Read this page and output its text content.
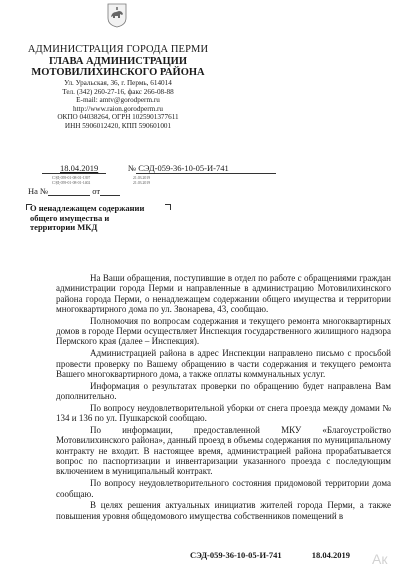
АДМИНИСТРАЦИЯ ГОРОДА ПЕРМИ
ГЛАВА АДМИНИСТРАЦИИ
МОТОВИЛИХИНСКОГО РАЙОНА
Ул. Уральская, 36, г. Пермь, 614014
Тел. (342) 260-27-16, факс 266-08-88
E-mail: amtv@gorodperm.ru
http://www.raion.gorodperm.ru
ОКПО 04038264, ОГРН 1025901377611
ИНН 5906012420, КПП 590601001
18.04.2019	№ СЭД-059-36-10-05-И-741
СЭД-059-01-08-01-1397
СЭД-059-01-08-01-1402
21.03.2019
21.03.2019
На №	от
О ненадлежащем содержании
общего имущества и
территории МКД

На Ваши обращения, поступившие в отдел по работе с обращениями граждан администрации города Перми и направленные в администрацию Мотовилихинского района города Перми, о ненадлежащем содержании общего имущества и территории многоквартирного дома по ул. Звонарева, 43, сообщаю.

Полномочия по вопросам содержания и текущего ремонта многоквартирных домов в городе Перми осуществляет Инспекция государственного жилищного надзора Пермского края (далее – Инспекция).

Администрацией района в адрес Инспекции направлено письмо с просьбой провести проверку по Вашему обращению в части содержания и текущего ремонта Вашего многоквартирного дома, а также оплаты коммунальных услуг.

Информация о результатах проверки по обращению будет направлена Вам дополнительно.

По вопросу неудовлетворительной уборки от снега проезда между домами № 134 и 136 по ул. Пушкарской сообщаю.

По информации, предоставленной МКУ «Благоустройство Мотовилихинского района», данный проезд в объемы содержания по муниципальному контракту не входит. В настоящее время, администрацией района прорабатывается вопрос по паспортизации и инвентаризации указанного проезда с последующим включением в муниципальный контракт.

По вопросу неудовлетворительного состояния придомовой территории дома сообщаю.

В целях решения актуальных инициатив жителей города Перми, а также повышения уровня общедомового имущества собственников помещений в

СЭД-059-36-10-05-И-741	18.04.2019 Ак
